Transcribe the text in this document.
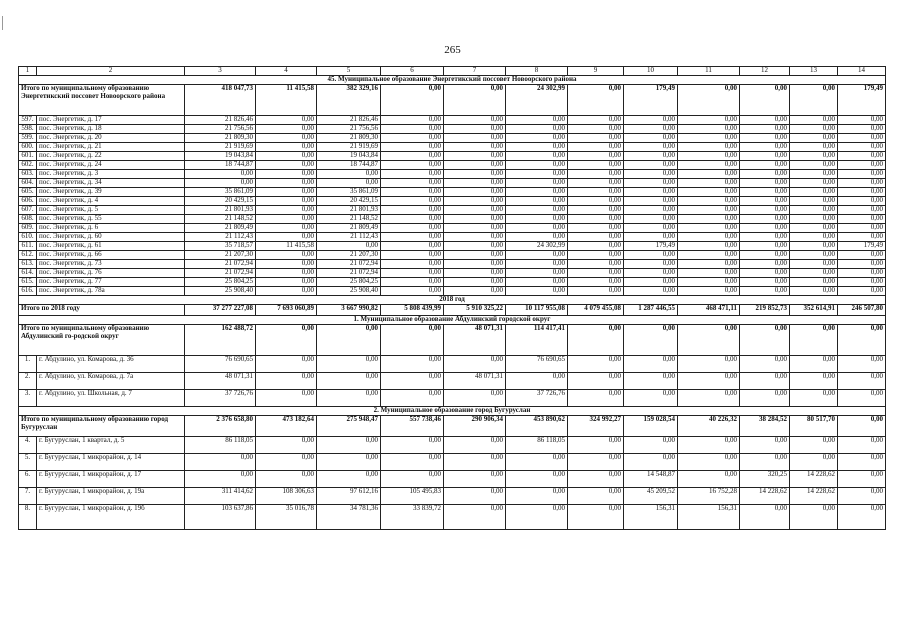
265
1	2	3	4	5	6	7	8	9	10	11	12	13	14
45. Муниципальное образование Энергетикский поссовет Новоорского района													
Итого по муниципальному образованию Энергетикский поссовет Новоорского района		418 047,73	11 415,58	382 329,16	0,00	0,00	24 302,99	0,00	179,49	0,00	0,00	0,00	179,49
597.	пос. Энергетик, д. 17	21 826,46	0,00	21 826,46	0,00	0,00	0,00	0,00	0,00	0,00	0,00	0,00	0,00
598.	пос. Энергетик, д. 18	21 756,56	0,00	21 756,56	0,00	0,00	0,00	0,00	0,00	0,00	0,00	0,00	0,00
599.	пос. Энергетик, д. 20	21 809,30	0,00	21 809,30	0,00	0,00	0,00	0,00	0,00	0,00	0,00	0,00	0,00
600.	пос. Энергетик, д. 21	21 919,69	0,00	21 919,69	0,00	0,00	0,00	0,00	0,00	0,00	0,00	0,00	0,00
601.	пос. Энергетик, д. 22	19 043,84	0,00	19 043,84	0,00	0,00	0,00	0,00	0,00	0,00	0,00	0,00	0,00
602.	пос. Энергетик, д. 24	18 744,87	0,00	18 744,87	0,00	0,00	0,00	0,00	0,00	0,00	0,00	0,00	0,00
603.	пос. Энергетик, д. 3	0,00	0,00	0,00	0,00	0,00	0,00	0,00	0,00	0,00	0,00	0,00	0,00
604.	пос. Энергетик, д. 34	0,00	0,00	0,00	0,00	0,00	0,00	0,00	0,00	0,00	0,00	0,00	0,00
605.	пос. Энергетик, д. 39	35 861,09	0,00	35 861,09	0,00	0,00	0,00	0,00	0,00	0,00	0,00	0,00	0,00
606.	пос. Энергетик, д. 4	20 429,15	0,00	20 429,15	0,00	0,00	0,00	0,00	0,00	0,00	0,00	0,00	0,00
607.	пос. Энергетик, д. 5	21 801,93	0,00	21 801,93	0,00	0,00	0,00	0,00	0,00	0,00	0,00	0,00	0,00
608.	пос. Энергетик, д. 55	21 148,52	0,00	21 148,52	0,00	0,00	0,00	0,00	0,00	0,00	0,00	0,00	0,00
609.	пос. Энергетик, д. 6	21 809,49	0,00	21 809,49	0,00	0,00	0,00	0,00	0,00	0,00	0,00	0,00	0,00
610.	пос. Энергетик, д. 60	21 112,43	0,00	21 112,43	0,00	0,00	0,00	0,00	0,00	0,00	0,00	0,00	0,00
611.	пос. Энергетик, д. 61	35 718,57	11 415,58	0,00	0,00	0,00	24 302,99	0,00	179,49	0,00	0,00	0,00	179,49
612.	пос. Энергетик, д. 66	21 207,30	0,00	21 207,30	0,00	0,00	0,00	0,00	0,00	0,00	0,00	0,00	0,00
613.	пос. Энергетик, д. 73	21 072,94	0,00	21 072,94	0,00	0,00	0,00	0,00	0,00	0,00	0,00	0,00	0,00
614.	пос. Энергетик, д. 76	21 072,94	0,00	21 072,94	0,00	0,00	0,00	0,00	0,00	0,00	0,00	0,00	0,00
615.	пос. Энергетик, д. 77	25 804,25	0,00	25 804,25	0,00	0,00	0,00	0,00	0,00	0,00	0,00	0,00	0,00
616.	пос. Энергетик, д. 78а	25 908,40	0,00	25 908,40	0,00	0,00	0,00	0,00	0,00	0,00	0,00	0,00	0,00
2018 год													
Итого по 2018 году		37 277 227,08	7 693 060,89	3 667 990,82	5 808 439,99	5 910 325,22	10 117 955,08	4 079 455,08	1 287 446,55	468 471,11	219 852,73	352 614,91	246 507,80
1. Муниципальное образование Абдулинский городской округ													
Итого по муниципальному образованию Абдулинский го-родской округ		162 488,72	0,00	0,00	0,00	48 071,31	114 417,41	0,00	0,00	0,00	0,00	0,00	0,00
1.	г. Абдулино, ул. Комарова, д. 36	76 690,65	0,00	0,00	0,00	0,00	76 690,65	0,00	0,00	0,00	0,00	0,00	0,00
2.	г. Абдулино, ул. Комарова, д. 7а	48 071,31	0,00	0,00	0,00	48 071,31	0,00	0,00	0,00	0,00	0,00	0,00	0,00
3.	г. Абдулино, ул. Школьная, д. 7	37 726,76	0,00	0,00	0,00	0,00	37 726,76	0,00	0,00	0,00	0,00	0,00	0,00
2. Муниципальное образование город Бугуруслан													
Итого по муниципальному образованию город Бугуруслан		2 376 658,80	473 182,64	275 948,47	557 738,46	290 906,34	453 890,62	324 992,27	159 028,54	40 226,32	38 284,52	80 517,70	0,00
4.	г. Бугуруслан, 1 квартал, д. 5	86 118,05	0,00	0,00	0,00	0,00	86 118,05	0,00	0,00	0,00	0,00	0,00	0,00
5.	г. Бугуруслан, 1 микрорайон, д. 14	0,00	0,00	0,00	0,00	0,00	0,00	0,00	0,00	0,00	0,00	0,00	0,00
6.	г. Бугуруслан, 1 микрорайон, д. 17	0,00	0,00	0,00	0,00	0,00	0,00	0,00	14 548,87	0,00	320,25	14 228,62	0,00
7.	г. Бугуруслан, 1 микрорайон, д. 19а	311 414,62	108 306,63	97 612,16	105 495,83	0,00	0,00	0,00	45 209,52	16 752,28	14 228,62	14 228,62	0,00
8.	г. Бугуруслан, 1 микрорайон, д. 19б	103 637,86	35 016,78	34 781,36	33 839,72	0,00	0,00	0,00	156,31	156,31	0,00	0,00	0,00
